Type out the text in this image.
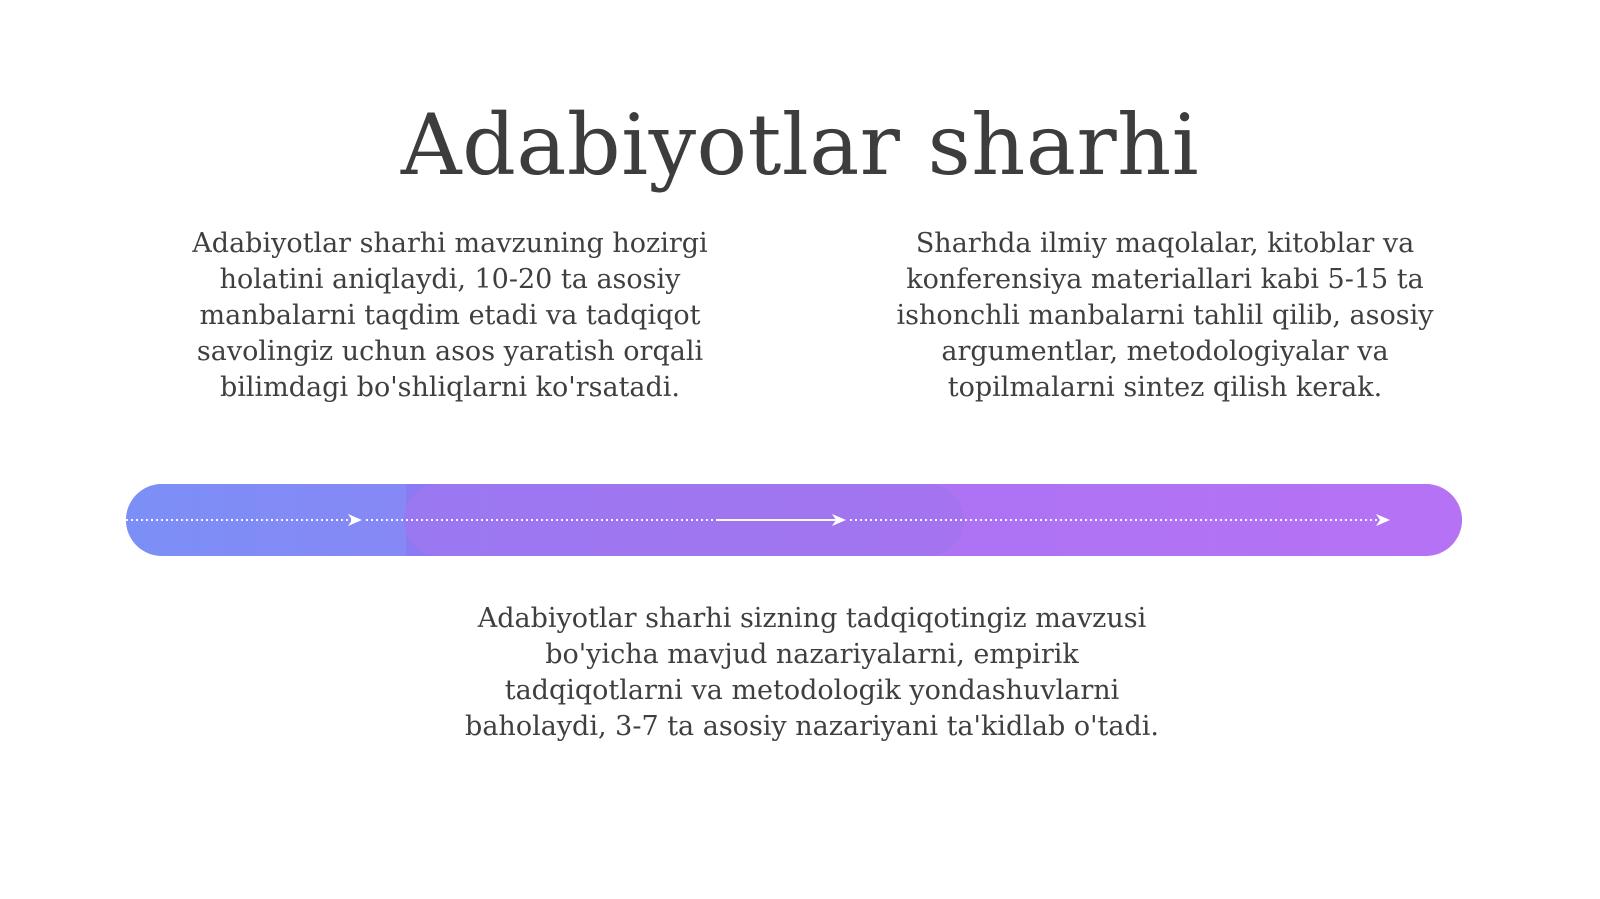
Adabiyotlar sharhi
Adabiyotlar sharhi mavzuning hozirgi holatini aniqlaydi, 10-20 ta asosiy manbalarni taqdim etadi va tadqiqot savolingiz uchun asos yaratish orqali bilimdagi bo'shliqlarni ko'rsatadi.
Sharhda ilmiy maqolalar, kitoblar va konferensiya materiallari kabi 5-15 ta ishonchli manbalarni tahlil qilib, asosiy argumentlar, metodologiyalar va topilmalarni sintez qilish kerak.
Adabiyotlar sharhi sizning tadqiqotingiz mavzusi bo'yicha mavjud nazariyalarni, empirik tadqiqotlarni va metodologik yondashuvlarni baholaydi, 3-7 ta asosiy nazariyani ta'kidlab o'tadi.
